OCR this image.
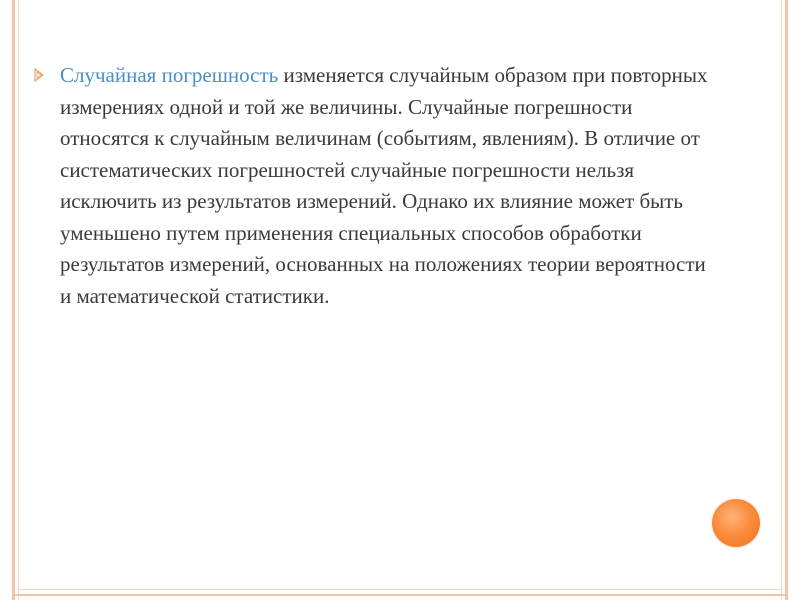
Случайная погрешность изменяется случайным образом при повторных измерениях одной и той же величины. Случайные погрешности относятся к случайным величинам (событиям, явлениям). В отличие от систематических погрешностей случайные погрешности нельзя исключить из результатов измерений. Однако их влияние может быть уменьшено путем применения специальных способов обработки результатов измерений, основанных на положениях теории вероятности и математической статистики.
